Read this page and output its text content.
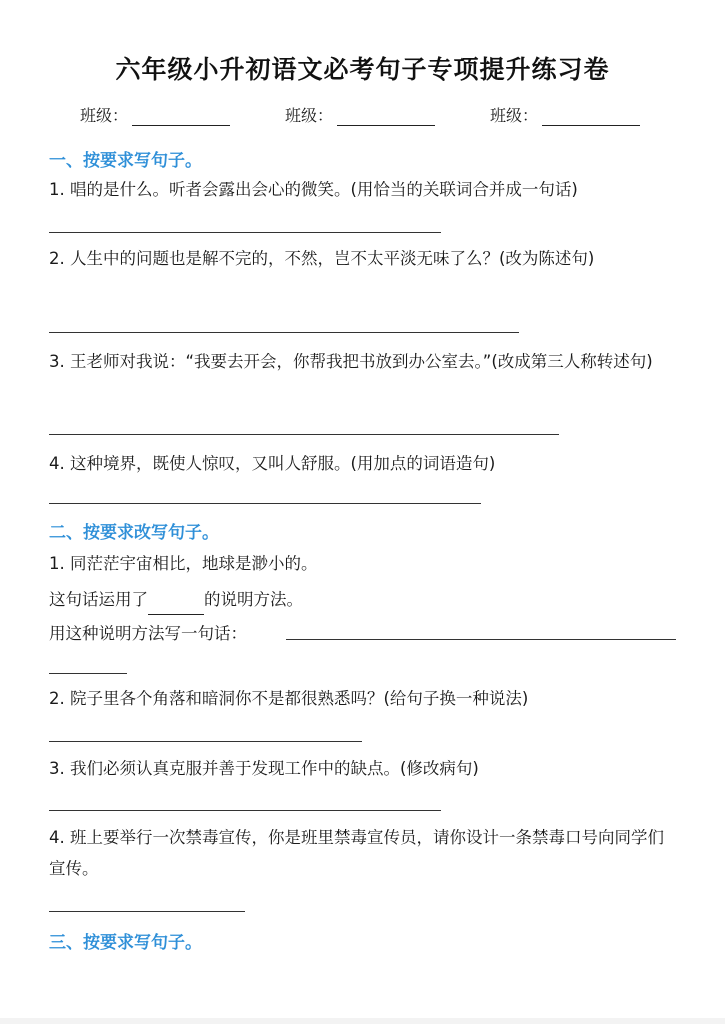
六年级小升初语文必考句子专项提升练习卷
班级：	班级：	班级：
一、按要求写句子。
1. 唱的是什么。听者会露出会心的微笑。(用恰当的关联词合并成一句话)
2. 人生中的问题也是解不完的，不然，岂不太平淡无味了么？(改为陈述句)
3. 王老师对我说：“我要去开会，你帮我把书放到办公室去。”(改成第三人称转述句)
4. 这种境界，既使人惊叹，又叫人舒服。(用加点的词语造句)
二、按要求改写句子。
1. 同茫茫宇宙相比，地球是渺小的。
这句话运用了	的说明方法。
用这种说明方法写一句话：
2. 院子里各个角落和暗洞你不是都很熟悉吗？(给句子换一种说法)
3. 我们必须认真克服并善于发现工作中的缺点。(修改病句)
4. 班上要举行一次禁毒宣传，你是班里禁毒宣传员，请你设计一条禁毒口号向同学们宣传。
三、按要求写句子。
